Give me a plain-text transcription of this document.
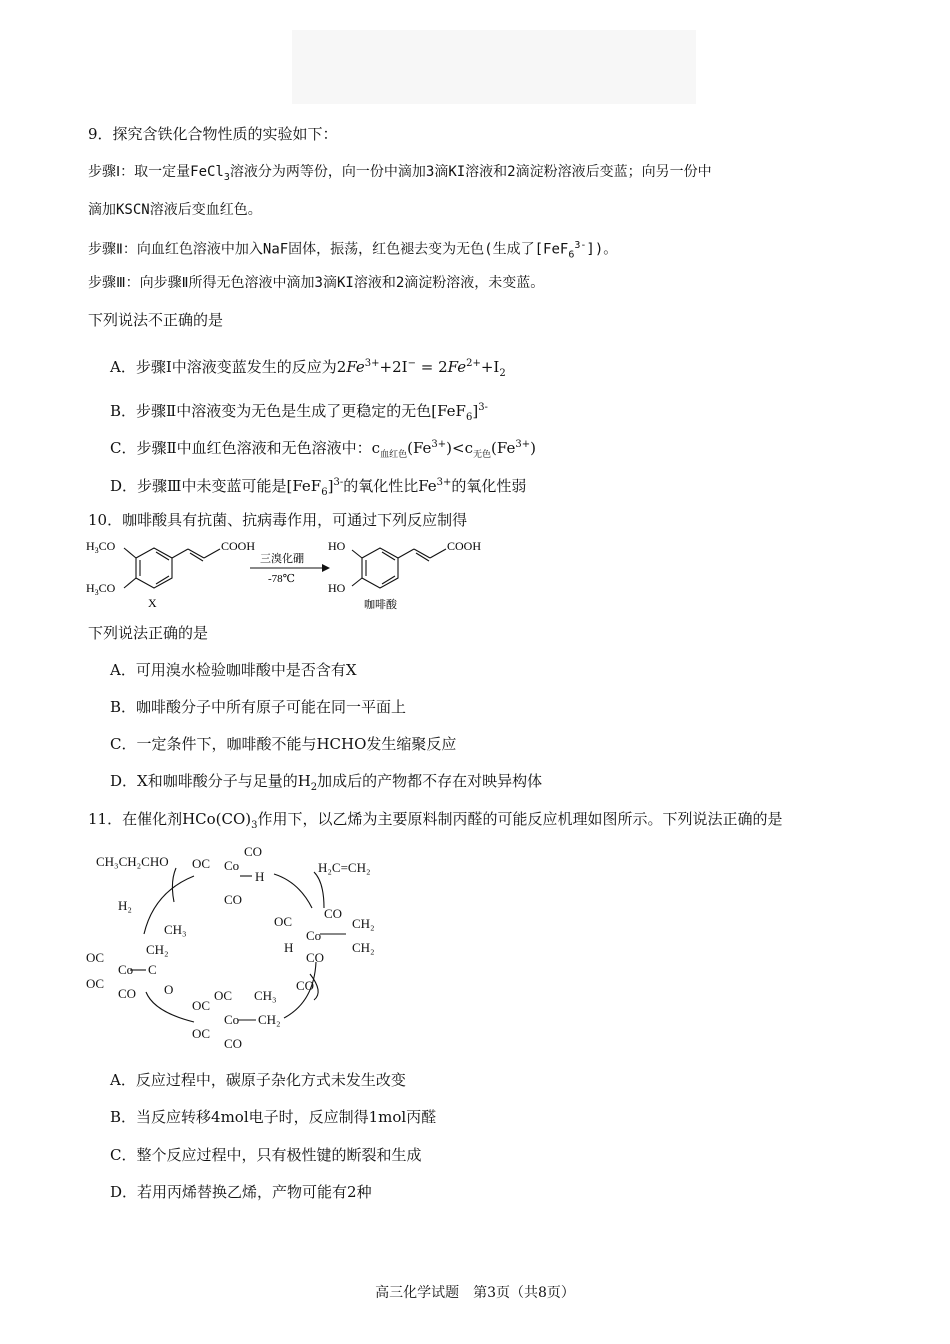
9．探究含铁化合物性质的实验如下：
步骤Ⅰ：取一定量FeCl$_3$溶液分为两等份，向一份中滴加3滴KI溶液和2滴淀粉溶液后变蓝；向另一份中
滴加KSCN溶液后变血红色。
步骤Ⅱ：向血红色溶液中加入NaF固体，振荡，红色褪去变为无色(生成了[FeF$_6^{3-}$])。
步骤Ⅲ：向步骤Ⅱ所得无色溶液中滴加3滴KI溶液和2滴淀粉溶液，未变蓝。
下列说法不正确的是
A．步骤Ⅰ中溶液变蓝发生的反应为$2Fe^{3+}+2I^- = 2Fe^{2+}+I_2$
B．步骤Ⅱ中溶液变为无色是生成了更稳定的无色$[FeF_6]^{3-}$
C．步骤Ⅱ中血红色溶液和无色溶液中：$c_{血红色}(Fe^{3+})<c_{无色}(Fe^{3+})$
D．步骤Ⅲ中未变蓝可能是$[FeF_6]^{3-}$的氧化性比$Fe^{3+}$的氧化性弱
10．咖啡酸具有抗菌、抗病毒作用，可通过下列反应制得
$H_3CO$
$H_3CO$
COOH
X
三溴化硼
-78℃
HO
HO
COOH
咖啡酸
下列说法正确的是
A．可用溴水检验咖啡酸中是否含有X
B．咖啡酸分子中所有原子可能在同一平面上
C．一定条件下，咖啡酸不能与HCHO发生缩聚反应
D．X和咖啡酸分子与足量的$H_2$加成后的产物都不存在对映异构体
11．在催化剂$HCo(CO)_3$作用下，以乙烯为主要原料制丙醛的可能反应机理如图所示。下列说法正确的是
CH₃CH₂CHO OC Co
CO
CO
H
H₂C=CH₂
H₂
OC
CO
Co
H
CO
CH₂
CH₂
CH₃
CH₂
OC
Co
OC
CO
C
O
OC
OC
Co
OC
CO
CH₃
CH₂
CO
A．反应过程中，碳原子杂化方式未发生改变
B．当反应转移4mol电子时，反应制得1mol丙醛
C．整个反应过程中，只有极性键的断裂和生成
D．若用丙烯替换乙烯，产物可能有2种
高三化学试题　第3页（共8页）
